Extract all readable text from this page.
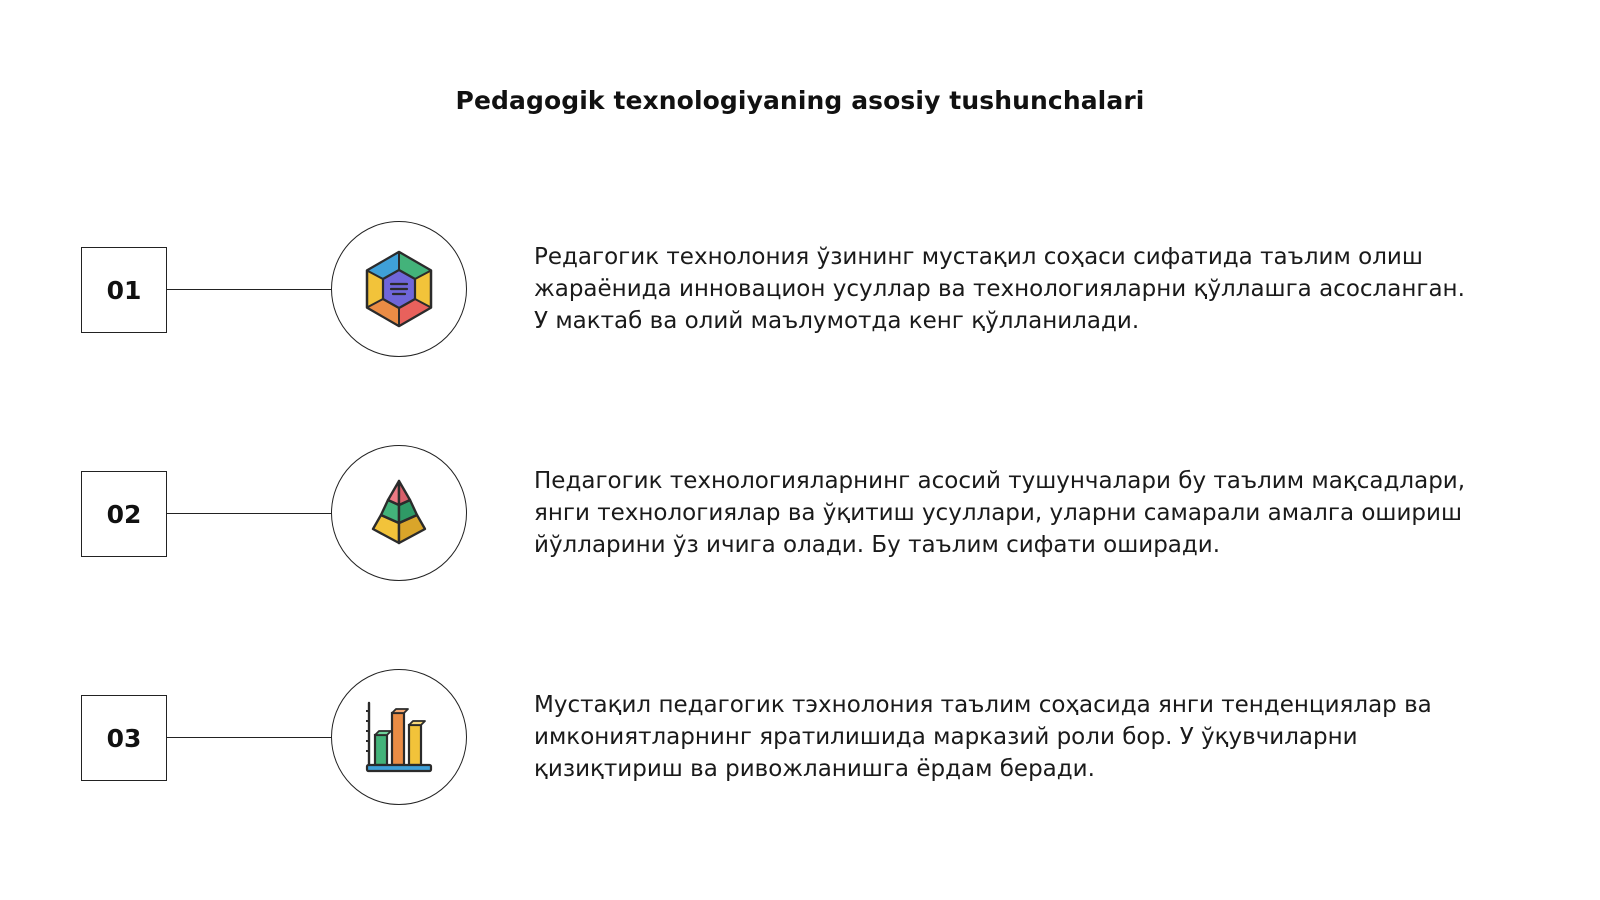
Pedagogik texnologiyaning asosiy tushunchalari
01
Редагогик технолония ўзининг мустақил соҳаси сифатида таълим олиш жараёнида инновацион усуллар ва технологияларни қўллашга асосланган. У мактаб ва олий маълумотда кенг қўлланилади.
02
Педагогик технологияларнинг асосий тушунчалари бу таълим мақсадлари, янги технологиялар ва ўқитиш усуллари, уларни самарали амалга ошириш йўлларини ўз ичига олади. Бу таълим сифати оширади.
03
Мустақил педагогик тэхнолония таълим соҳасида янги тенденциялар ва имкониятларнинг яратилишида марказий роли бор. У ўқувчиларни қизиқтириш ва ривожланишга ёрдам беради.
